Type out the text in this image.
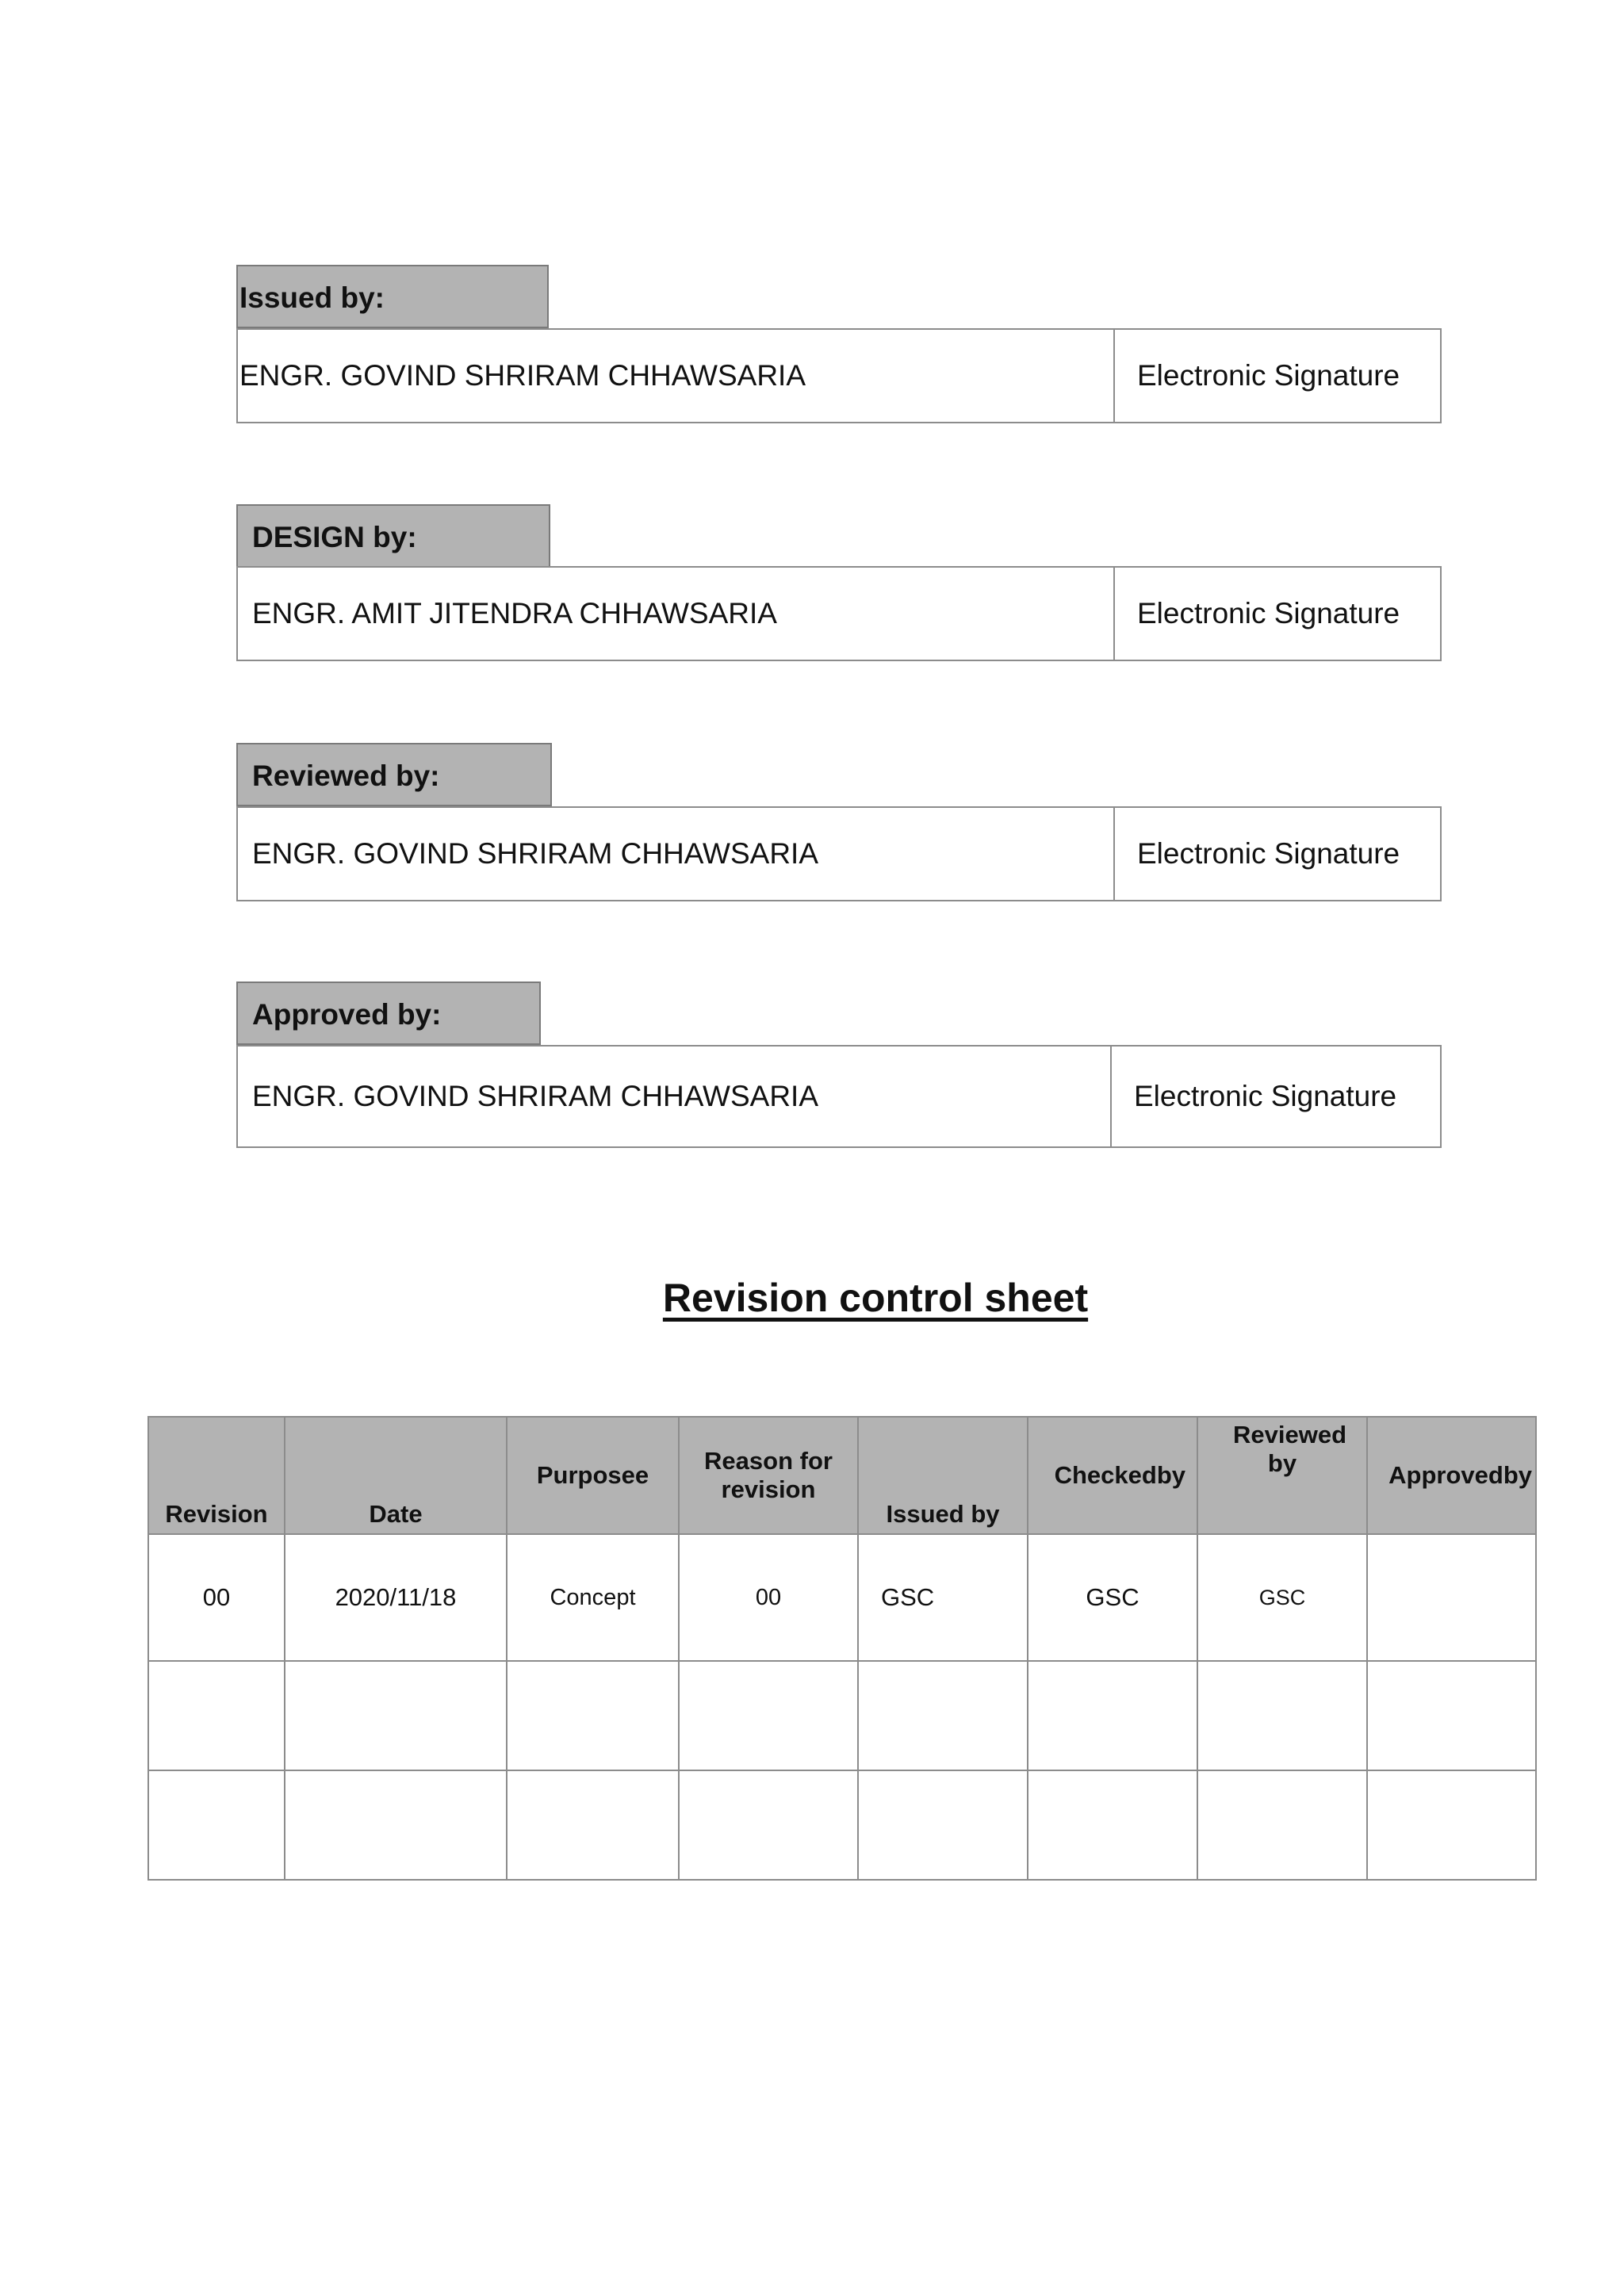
Issued by:
ENGR. GOVIND SHRIRAM CHHAWSARIA	Electronic Signature
DESIGN by:
ENGR. AMIT JITENDRA CHHAWSARIA	Electronic Signature
Reviewed by:
ENGR. GOVIND SHRIRAM CHHAWSARIA	Electronic Signature
Approved by:
ENGR. GOVIND SHRIRAM CHHAWSARIA	Electronic Signature
Revision control sheet
Revision	Date	Purposee	Reason for revision	Issued by	Checkedby	Reviewed by	Approvedby
00	2020/11/18	Concept	00	GSC	GSC	GSC	
